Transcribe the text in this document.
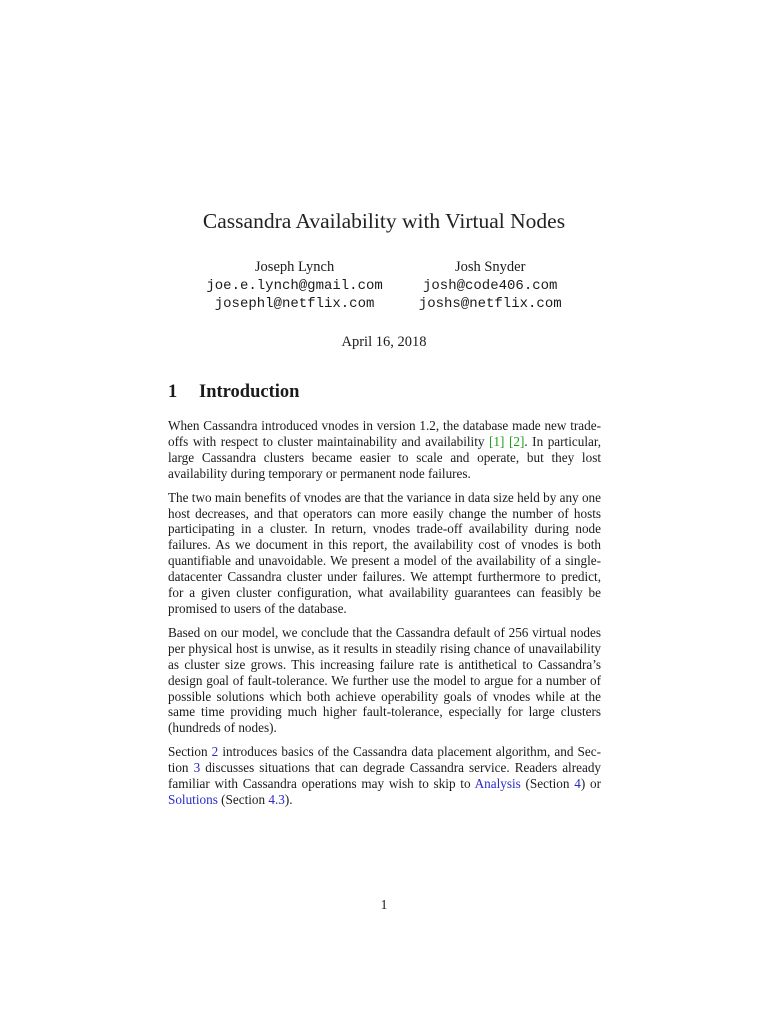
Cassandra Availability with Virtual Nodes
Joseph Lynch
joe.e.lynch@gmail.com
josephl@netflix.com
Josh Snyder
josh@code406.com
joshs@netflix.com
April 16, 2018
1	Introduction

When Cassandra introduced vnodes in version 1.2, the database made new trade-offs with respect to cluster maintainability and availability [1] [2]. In particular, large Cassandra clusters became easier to scale and operate, but they lost availability during temporary or permanent node failures.

The two main benefits of vnodes are that the variance in data size held by any one host decreases, and that operators can more easily change the number of hosts participating in a cluster. In return, vnodes trade-off availability during node failures. As we document in this report, the availability cost of vnodes is both quantifiable and unavoidable. We present a model of the availability of a single-datacenter Cassandra cluster under failures. We attempt furthermore to predict, for a given cluster configuration, what availability guarantees can feasibly be promised to users of the database.

Based on our model, we conclude that the Cassandra default of 256 virtual nodes per physical host is unwise, as it results in steadily rising chance of unavailability as cluster size grows. This increasing failure rate is antithetical to Cassandra’s design goal of fault-tolerance. We further use the model to argue for a number of possible solutions which both achieve operability goals of vnodes while at the same time providing much higher fault-tolerance, especially for large clusters (hundreds of nodes).

Section 2 introduces basics of the Cassandra data placement algorithm, and Section 3 discusses situations that can degrade Cassandra service. Readers already familiar with Cassandra operations may wish to skip to Analysis (Section 4) or Solutions (Section 4.3).

1
